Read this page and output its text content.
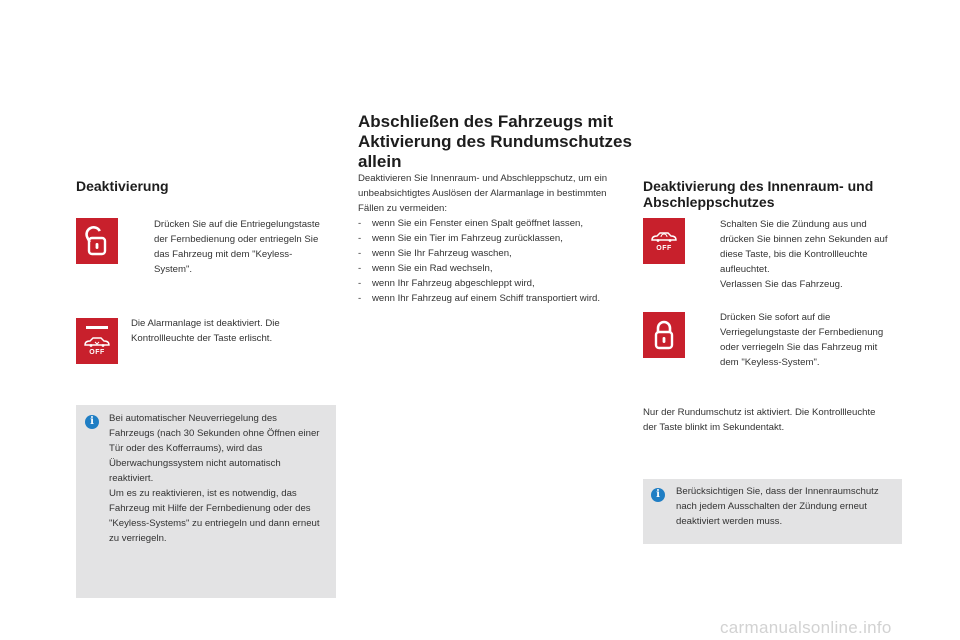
Deaktivierung

Drücken Sie auf die Entriegelungstaste der Fernbedienung oder entriegeln Sie das Fahrzeug mit dem "Keyless-System".

OFF
Die Alarmanlage ist deaktiviert. Die Kontrollleuchte der Taste erlischt.
i	Bei automatischer Neuverriegelung des Fahrzeugs (nach 30 Sekunden ohne Öffnen einer Tür oder des Kofferraums), wird das Überwachungssystem nicht automatisch reaktiviert.

Um es zu reaktivieren, ist es notwendig, das Fahrzeug mit Hilfe der Fernbedienung oder des "Keyless-Systems" zu entriegeln und dann erneut zu verriegeln.

Abschließen des Fahrzeugs mit Aktivierung des Rundumschutzes allein

Deaktivieren Sie Innenraum- und Abschleppschutz, um ein unbeabsichtigtes Auslösen der Alarmanlage in bestimmten Fällen zu vermeiden:

-	wenn Sie ein Fenster einen Spalt geöffnet lassen,
-	wenn Sie ein Tier im Fahrzeug zurücklassen,
-	wenn Sie Ihr Fahrzeug waschen,
-	wenn Sie ein Rad wechseln,
-	wenn Ihr Fahrzeug abgeschleppt wird,
-	wenn Ihr Fahrzeug auf einem Schiff transportiert wird.
Deaktivierung des Innenraum- und Abschleppschutzes
OFF

Schalten Sie die Zündung aus und drücken Sie binnen zehn Sekunden auf diese Taste, bis die Kontrollleuchte aufleuchtet.

Verlassen Sie das Fahrzeug.

Drücken Sie sofort auf die Verriegelungstaste der Fernbedienung oder verriegeln Sie das Fahrzeug mit dem "Keyless-System".

Nur der Rundumschutz ist aktiviert. Die Kontrollleuchte der Taste blinkt im Sekundentakt.
i	Berücksichtigen Sie, dass der Innenraumschutz nach jedem Ausschalten der Zündung erneut deaktiviert werden muss.
carmanualsonline.info
